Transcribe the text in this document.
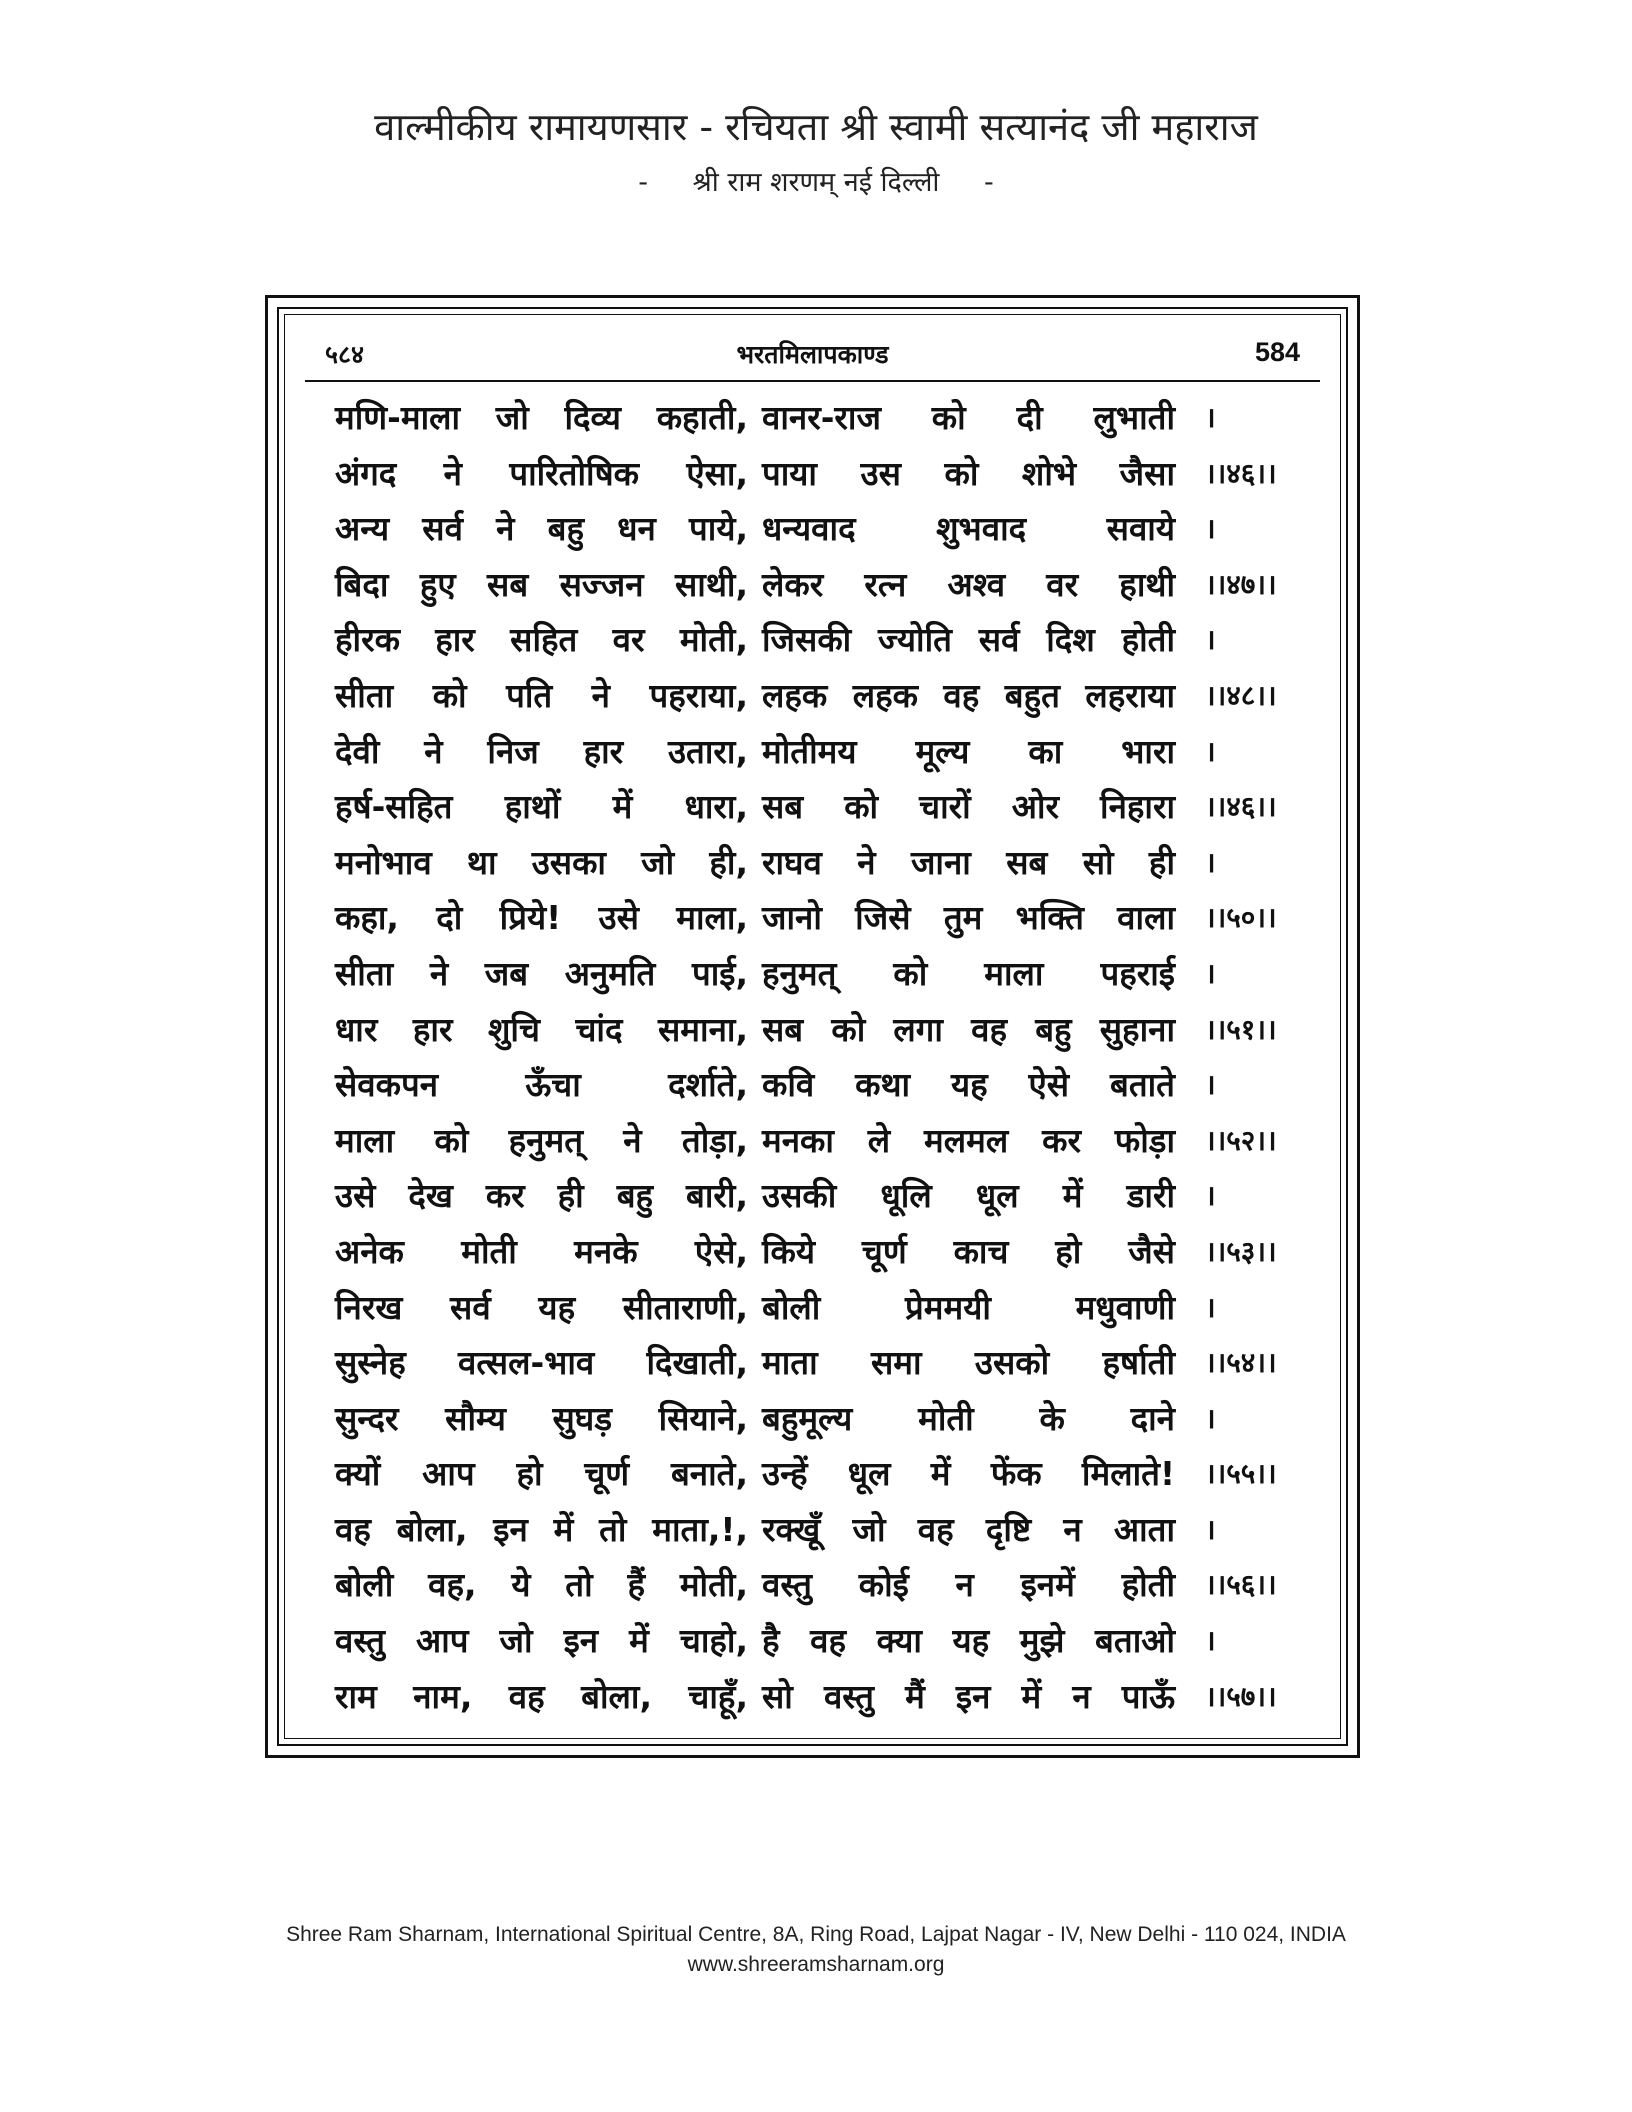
वाल्मीकीय रामायणसार - रचियता श्री स्वामी सत्यानंद जी महाराज
- श्री राम शरणम् नई दिल्ली -
५८४	भरतमिलापकाण्ड	584
मणि-माला जो दिव्य कहाती, वानर-राज को दी लुभाती ।
अंगद ने पारितोषिक ऐसा, पाया उस को शोभे जैसा ।।४६।।
अन्य सर्व ने बहु धन पाये, धन्यवाद शुभवाद सवाये ।
बिदा हुए सब सज्जन साथी, लेकर रत्न अश्व वर हाथी ।।४७।।
हीरक हार सहित वर मोती, जिसकी ज्योति सर्व दिश होती ।
सीता को पति ने पहराया, लहक लहक वह बहुत लहराया ।।४८।।
देवी ने निज हार उतारा, मोतीमय मूल्य का भारा ।
हर्ष-सहित हाथों में धारा, सब को चारों ओर निहारा ।।४६।।
मनोभाव था उसका जो ही, राघव ने जाना सब सो ही ।
कहा, दो प्रिये! उसे माला, जानो जिसे तुम भक्ति वाला ।।५०।।
सीता ने जब अनुमति पाई, हनुमत् को माला पहराई ।
धार हार शुचि चांद समाना, सब को लगा वह बहु सुहाना ।।५१।।
सेवकपन ऊँचा दर्शाते, कवि कथा यह ऐसे बताते ।
माला को हनुमत् ने तोड़ा, मनका ले मलमल कर फोड़ा ।।५२।।
उसे देख कर ही बहु बारी, उसकी धूलि धूल में डारी ।
अनेक मोती मनके ऐसे, किये चूर्ण काच हो जैसे ।।५३।।
निरख सर्व यह सीताराणी, बोली प्रेममयी मधुवाणी ।
सुस्नेह वत्सल-भाव दिखाती, माता समा उसको हर्षाती ।।५४।।
सुन्दर सौम्य सुघड़ सियाने, बहुमूल्य मोती के दाने ।
क्यों आप हो चूर्ण बनाते, उन्हें धूल में फेंक मिलाते! ।।५५।।
वह बोला, इन में तो माता,!, रक्खूँ जो वह दृष्टि न आता ।
बोली वह, ये तो हैं मोती, वस्तु कोई न इनमें होती ।।५६।।
वस्तु आप जो इन में चाहो, है वह क्या यह मुझे बताओ ।
राम नाम, वह बोला, चाहूँ, सो वस्तु मैं इन में न पाऊँ ।।५७।।
Shree Ram Sharnam, International Spiritual Centre, 8A, Ring Road, Lajpat Nagar - IV, New Delhi - 110 024, INDIA
www.shreeramsharnam.org
